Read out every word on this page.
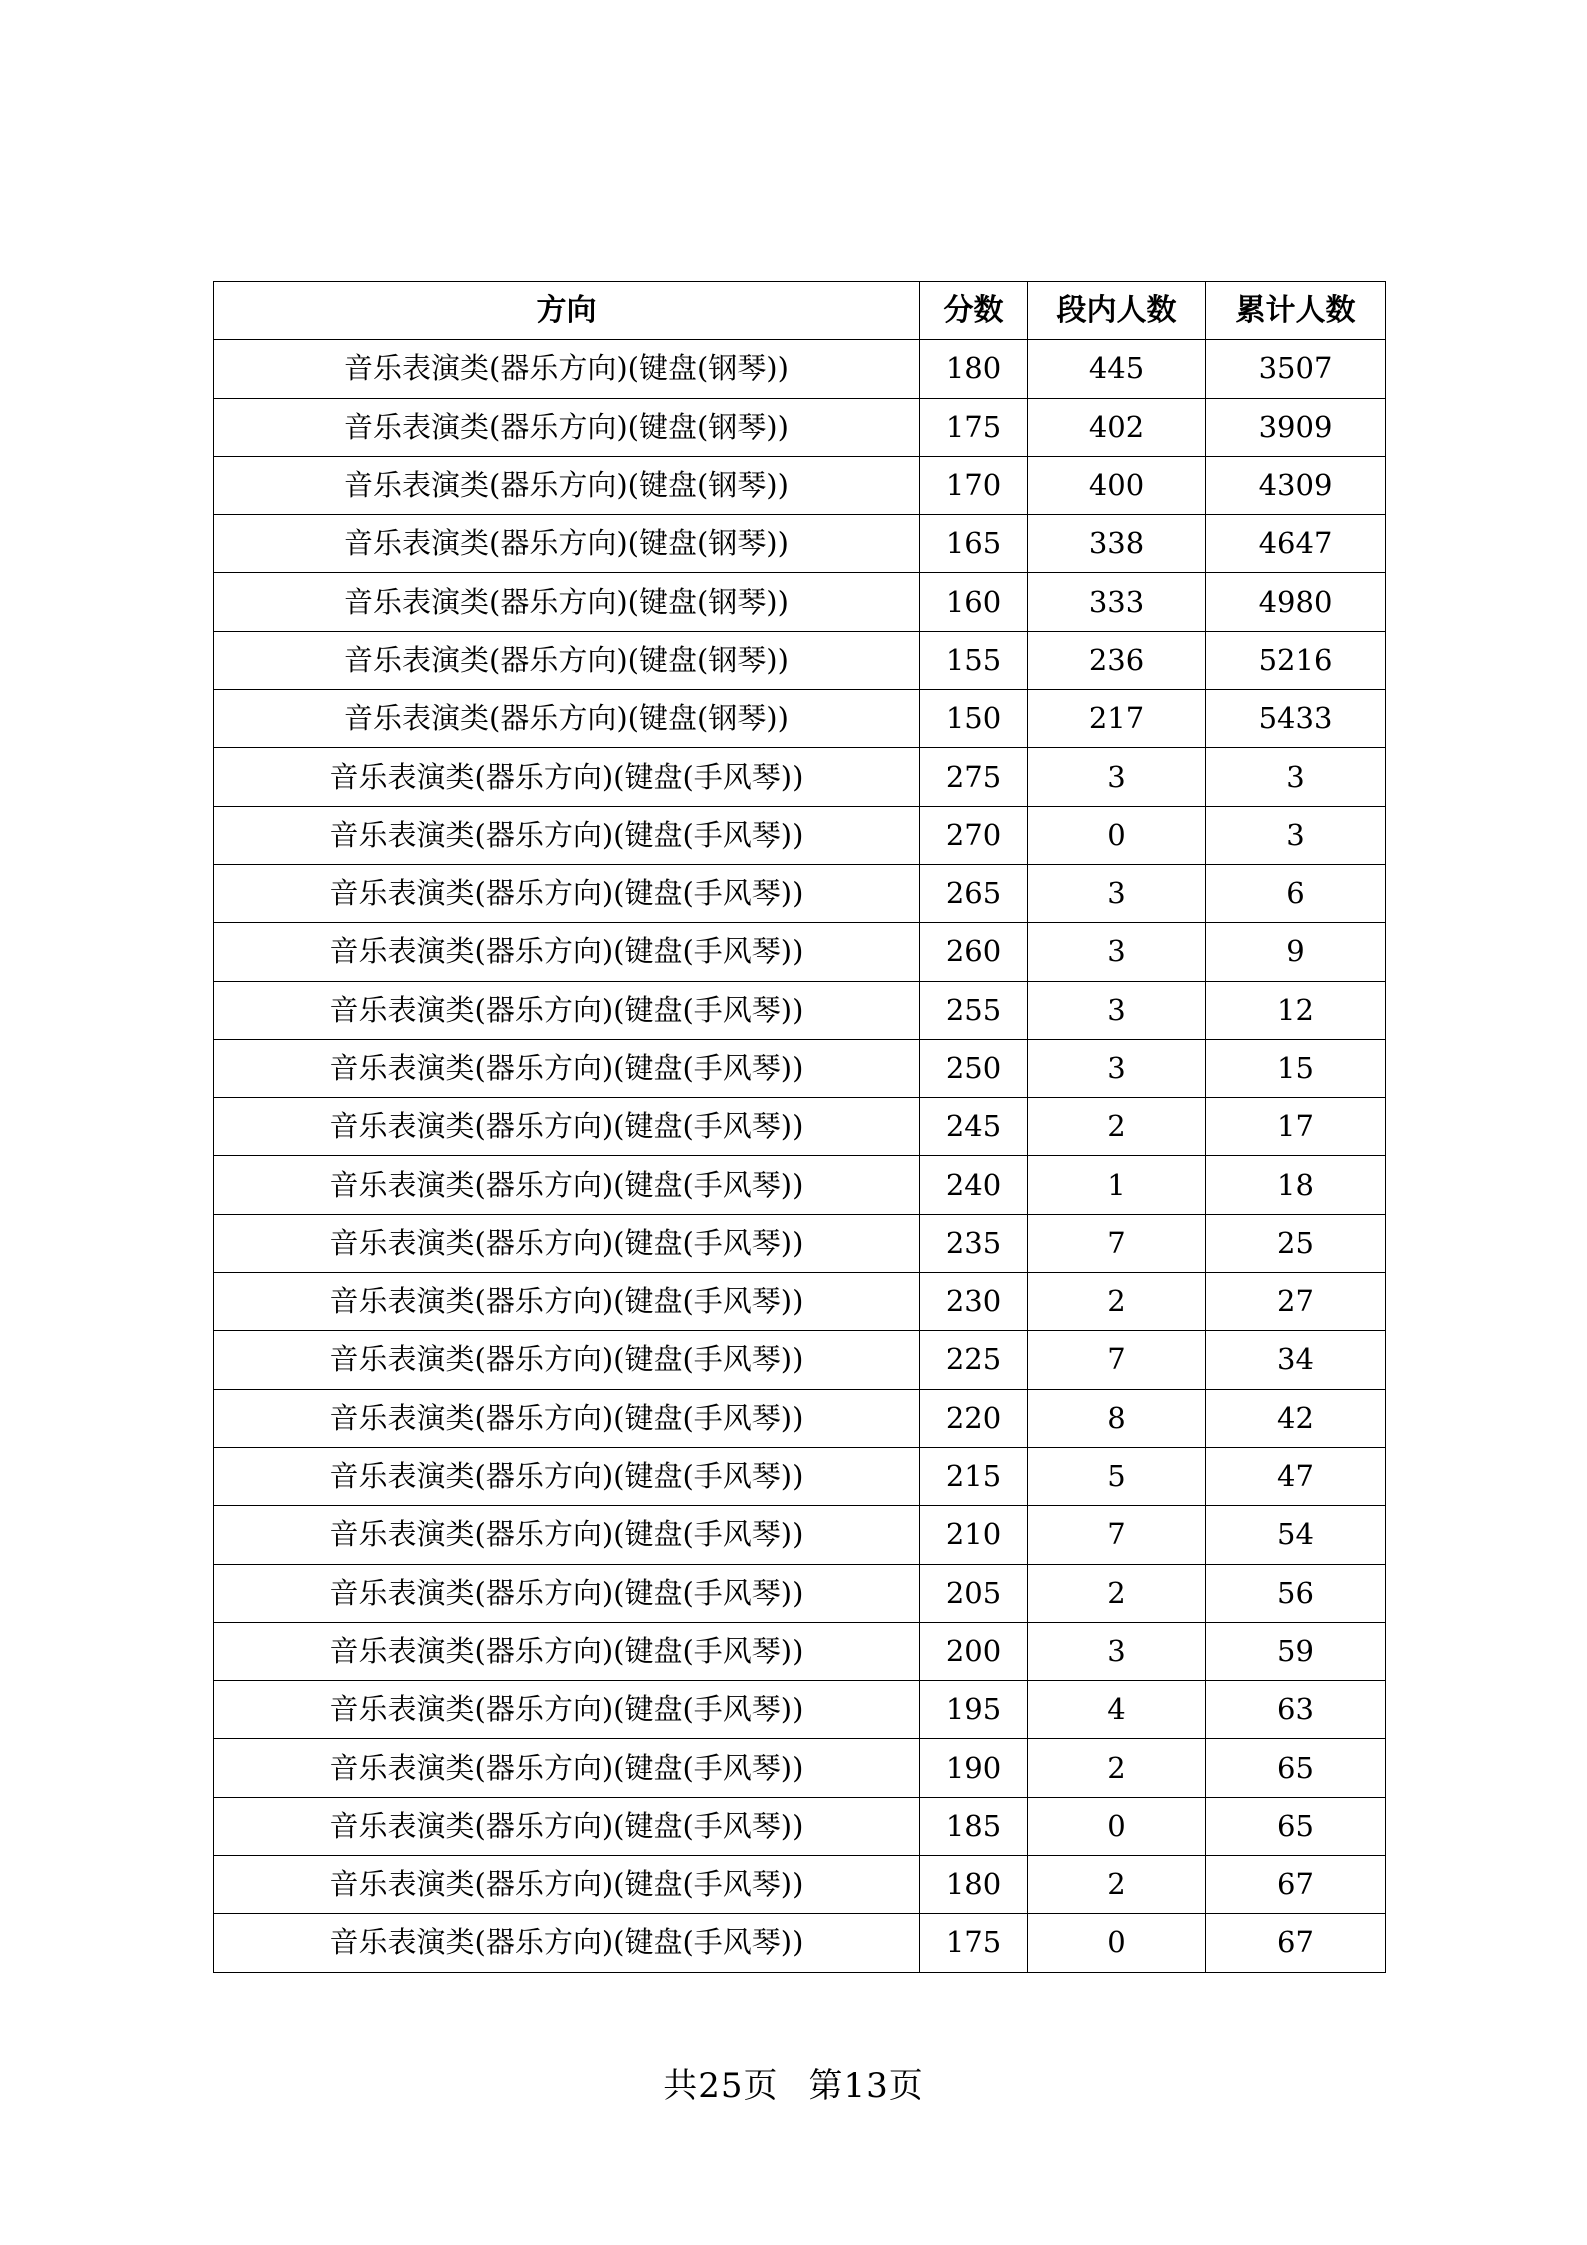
方向	分数	段内人数	累计人数
音乐表演类(器乐方向)(键盘(钢琴))	180	445	3507
音乐表演类(器乐方向)(键盘(钢琴))	175	402	3909
音乐表演类(器乐方向)(键盘(钢琴))	170	400	4309
音乐表演类(器乐方向)(键盘(钢琴))	165	338	4647
音乐表演类(器乐方向)(键盘(钢琴))	160	333	4980
音乐表演类(器乐方向)(键盘(钢琴))	155	236	5216
音乐表演类(器乐方向)(键盘(钢琴))	150	217	5433
音乐表演类(器乐方向)(键盘(手风琴))	275	3	3
音乐表演类(器乐方向)(键盘(手风琴))	270	0	3
音乐表演类(器乐方向)(键盘(手风琴))	265	3	6
音乐表演类(器乐方向)(键盘(手风琴))	260	3	9
音乐表演类(器乐方向)(键盘(手风琴))	255	3	12
音乐表演类(器乐方向)(键盘(手风琴))	250	3	15
音乐表演类(器乐方向)(键盘(手风琴))	245	2	17
音乐表演类(器乐方向)(键盘(手风琴))	240	1	18
音乐表演类(器乐方向)(键盘(手风琴))	235	7	25
音乐表演类(器乐方向)(键盘(手风琴))	230	2	27
音乐表演类(器乐方向)(键盘(手风琴))	225	7	34
音乐表演类(器乐方向)(键盘(手风琴))	220	8	42
音乐表演类(器乐方向)(键盘(手风琴))	215	5	47
音乐表演类(器乐方向)(键盘(手风琴))	210	7	54
音乐表演类(器乐方向)(键盘(手风琴))	205	2	56
音乐表演类(器乐方向)(键盘(手风琴))	200	3	59
音乐表演类(器乐方向)(键盘(手风琴))	195	4	63
音乐表演类(器乐方向)(键盘(手风琴))	190	2	65
音乐表演类(器乐方向)(键盘(手风琴))	185	0	65
音乐表演类(器乐方向)(键盘(手风琴))	180	2	67
音乐表演类(器乐方向)(键盘(手风琴))	175	0	67
共25页 第13页
